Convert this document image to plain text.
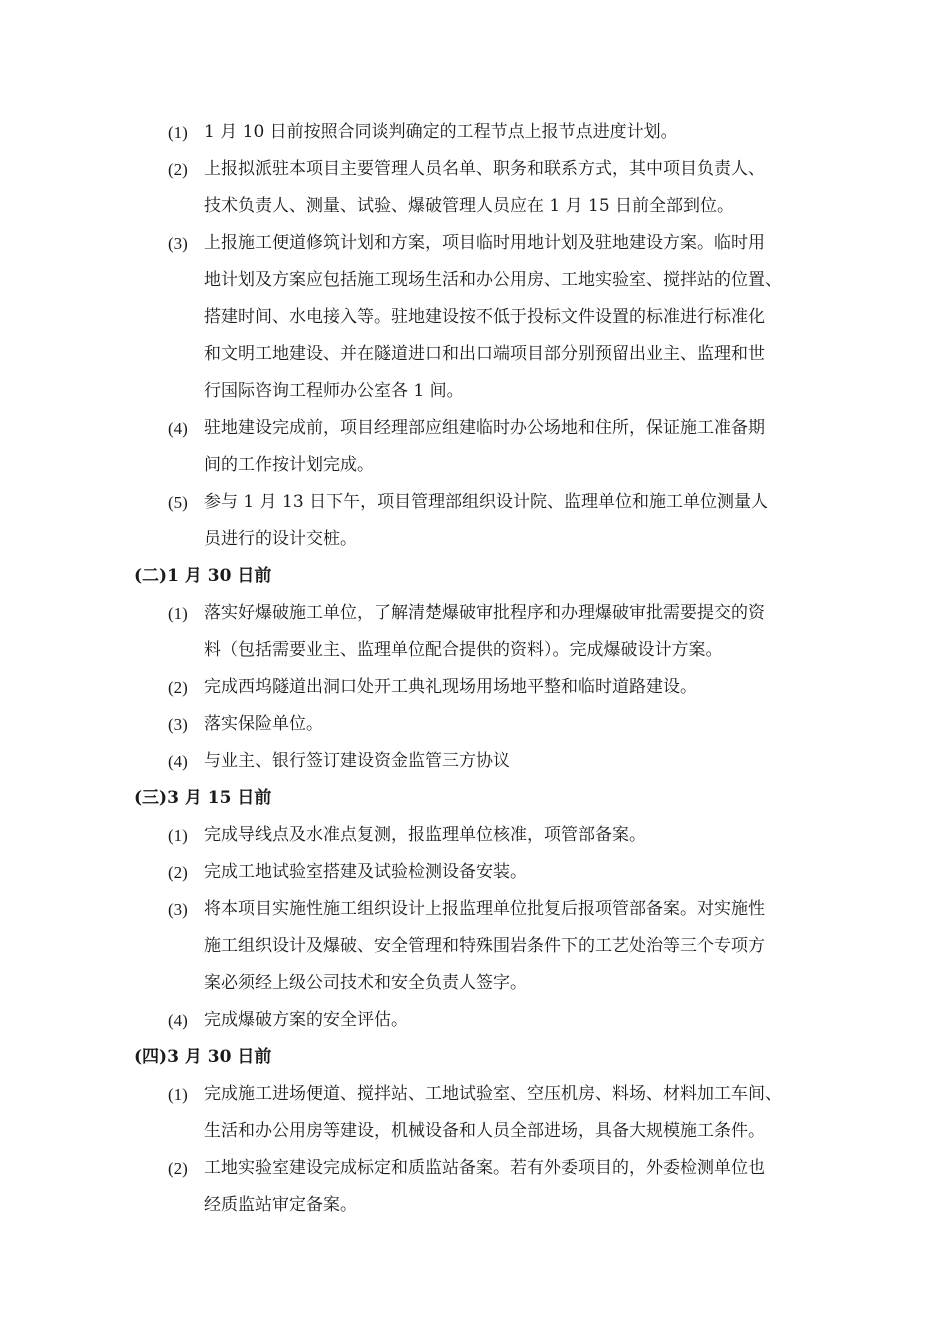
(1) 1 月 10 日前按照合同谈判确定的工程节点上报节点进度计划。
(2) 上报拟派驻本项目主要管理人员名单、职务和联系方式，其中项目负责人、
技术负责人、测量、试验、爆破管理人员应在 1 月 15 日前全部到位。
(3) 上报施工便道修筑计划和方案，项目临时用地计划及驻地建设方案。临时用
地计划及方案应包括施工现场生活和办公用房、工地实验室、搅拌站的位置、
搭建时间、水电接入等。驻地建设按不低于投标文件设置的标准进行标准化
和文明工地建设、并在隧道进口和出口端项目部分别预留出业主、监理和世
行国际咨询工程师办公室各 1 间。
(4) 驻地建设完成前，项目经理部应组建临时办公场地和住所，保证施工准备期
间的工作按计划完成。
(5) 参与 1 月 13 日下午，项目管理部组织设计院、监理单位和施工单位测量人
员进行的设计交桩。
(二)1 月 30 日前
(1) 落实好爆破施工单位，了解清楚爆破审批程序和办理爆破审批需要提交的资
料（包括需要业主、监理单位配合提供的资料）。完成爆破设计方案。
(2) 完成西坞隧道出洞口处开工典礼现场用场地平整和临时道路建设。
(3) 落实保险单位。
(4) 与业主、银行签订建设资金监管三方协议
(三)3 月 15 日前
(1) 完成导线点及水准点复测，报监理单位核准，项管部备案。
(2) 完成工地试验室搭建及试验检测设备安装。
(3) 将本项目实施性施工组织设计上报监理单位批复后报项管部备案。对实施性
施工组织设计及爆破、安全管理和特殊围岩条件下的工艺处治等三个专项方
案必须经上级公司技术和安全负责人签字。
(4) 完成爆破方案的安全评估。
(四)3 月 30 日前
(1) 完成施工进场便道、搅拌站、工地试验室、空压机房、料场、材料加工车间、
生活和办公用房等建设，机械设备和人员全部进场，具备大规模施工条件。
(2) 工地实验室建设完成标定和质监站备案。若有外委项目的，外委检测单位也
经质监站审定备案。
